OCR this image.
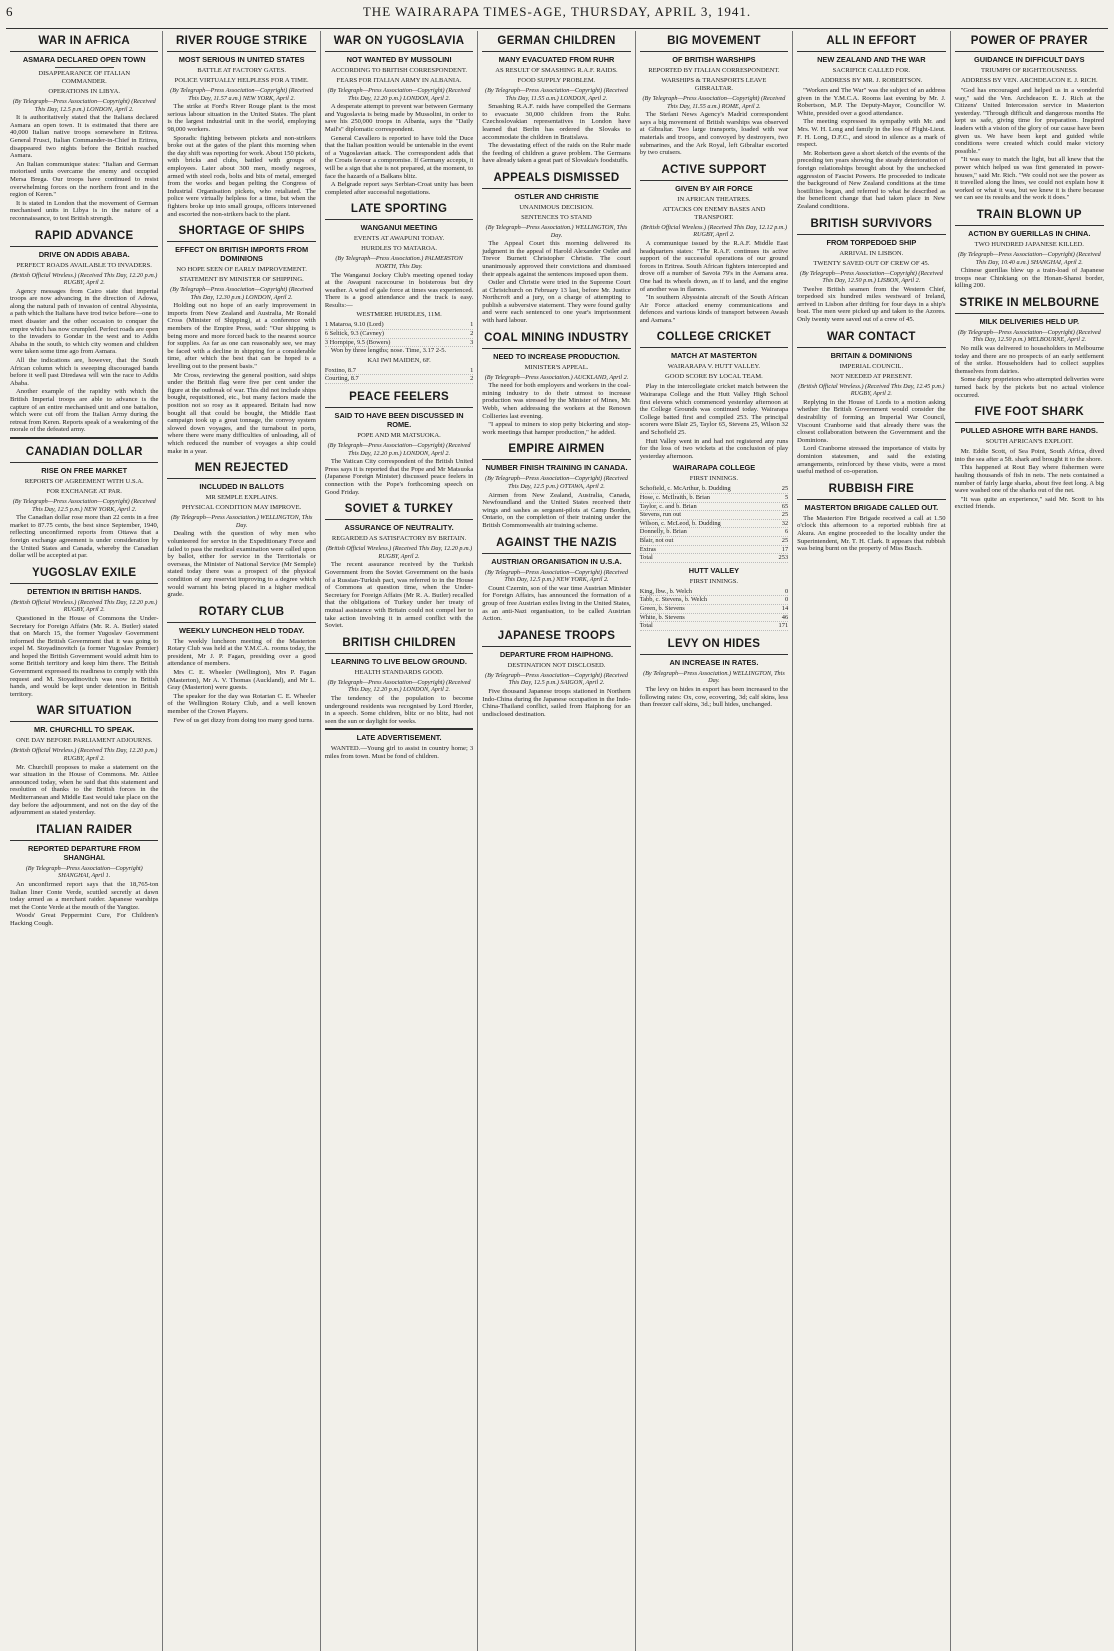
6	THE WAIRARAPA TIMES-AGE, THURSDAY, APRIL 3, 1941.
WAR IN AFRICA
ASMARA DECLARED OPEN TOWN
DISAPPEARANCE OF ITALIAN COMMANDER.
OPERATIONS IN LIBYA.
(By Telegraph—Press Association—Copyright) (Received This Day, 12.5 p.m.) LONDON, April 2.

It is authoritatively stated that the Italians declared Asmara an open town. It is estimated that there are 40,000 Italian native troops somewhere in Eritrea. General Frusci, Italian Commander-in-Chief in Eritrea, disappeared two nights before the British reached Asmara.

An Italian communique states: "Italian and German motorised units overcame the enemy and occupied Mersa Brega. Our troops have continued to resist overwhelming forces on the northern front and in the region of Keren."

It is stated in London that the movement of German mechanised units in Libya is in the nature of a reconnaissance, to test British strength.

RAPID ADVANCE
DRIVE ON ADDIS ABABA.
PERFECT ROADS AVAILABLE TO INVADERS.
(British Official Wireless.) (Received This Day, 12.20 p.m.) RUGBY, April 2.

Agency messages from Cairo state that imperial troops are now advancing in the direction of Adowa, along the natural path of invasion of central Abyssinia, a path which the Italians have trod twice before—one to meet disaster and the other occasion to conquer the empire which has now crumpled. Perfect roads are open to the invaders to Gondar in the west and to Addis Ababa in the south, to which city women and children were taken some time ago from Asmara.

All the indications are, however, that the South African column which is sweeping discouraged bands before it well past Diredawa will win the race to Addis Ababa.

Another example of the rapidity with which the British Imperial troops are able to advance is the capture of an entire mechanised unit and one battalion, which were cut off from the Italian Army during the retreat from Keren. Reports speak of a weakening of the morale of the defeated army.

CANADIAN DOLLAR
RISE ON FREE MARKET
REPORTS OF AGREEMENT WITH U.S.A.
FOR EXCHANGE AT PAR.
(By Telegraph—Press Association—Copyright) (Received This Day, 12.5 p.m.) NEW YORK, April 2.

The Canadian dollar rose more than 22 cents in a free market to 87.75 cents, the best since September, 1940, reflecting unconfirmed reports from Ottawa that a foreign exchange agreement is under consideration by the United States and Canada, whereby the Canadian dollar will be accepted at par.

YUGOSLAV EXILE
DETENTION IN BRITISH HANDS.
(British Official Wireless.) (Received This Day, 12.20 p.m.) RUGBY, April 2.

Questioned in the House of Commons the Under-Secretary for Foreign Affairs (Mr. R. A. Butler) stated that on March 15, the former Yugoslav Government informed the British Government that it was going to expel M. Stoyadinovitch (a former Yugoslav Premier) and hoped the British Government would admit him to some British territory and keep him there. The British Government expressed its readiness to comply with this request and M. Stoyadinovitch was now in British hands, and would be kept under detention in British territory.

WAR SITUATION
MR. CHURCHILL TO SPEAK.
ONE DAY BEFORE PARLIAMENT ADJOURNS.
(British Official Wireless.) (Received This Day, 12.20 p.m.) RUGBY, April 2.

Mr. Churchill proposes to make a statement on the war situation in the House of Commons. Mr. Attlee announced today, when he said that this statement and resolution of thanks to the British forces in the Mediterranean and Middle East would take place on the day before the adjournment, and not on the day of the adjournment as stated yesterday.

ITALIAN RAIDER
REPORTED DEPARTURE FROM SHANGHAI.
(By Telegraph—Press Association—Copyright) SHANGHAI, April 1.

An unconfirmed report says that the 18,765-ton Italian liner Conte Verde, scuttled secretly at dawn today armed as a merchant raider. Japanese warships met the Conte Verde at the mouth of the Yangtze.

Woods' Great Peppermint Cure, For Children's Hacking Cough.

RIVER ROUGE STRIKE
MOST SERIOUS IN UNITED STATES
BATTLE AT FACTORY GATES.
POLICE VIRTUALLY HELPLESS FOR A TIME.
(By Telegraph—Press Association—Copyright) (Received This Day, 11.57 a.m.) NEW YORK, April 2.

The strike at Ford's River Rouge plant is the most serious labour situation in the United States. The plant is the largest industrial unit in the world, employing 98,000 workers.

Sporadic fighting between pickets and non-strikers broke out at the gates of the plant this morning when the day shift was reporting for work. About 150 pickets, with bricks and clubs, battled with groups of employees. Later about 300 men, mostly negroes, armed with steel rods, bolts and bits of metal, emerged from the works and began pelting the Congress of Industrial Organisation pickets, who retaliated. The police were virtually helpless for a time, but when the fighters broke up into small groups, officers intervened and escorted the non-strikers back to the plant.

SHORTAGE OF SHIPS
EFFECT ON BRITISH IMPORTS FROM DOMINIONS
NO HOPE SEEN OF EARLY IMPROVEMENT.
STATEMENT BY MINISTER OF SHIPPING.
(By Telegraph—Press Association—Copyright) (Received This Day, 12.30 p.m.) LONDON, April 2.

Holding out no hope of an early improvement in imports from New Zealand and Australia, Mr Ronald Cross (Minister of Shipping), at a conference with members of the Empire Press, said: "Our shipping is being more and more forced back to the nearest source for supplies. As far as one can reasonably see, we may be faced with a decline in shipping for a considerable time, after which the best that can be hoped is a levelling out to the present basis."

Mr Cross, reviewing the general position, said ships under the British flag were five per cent under the figure at the outbreak of war. This did not include ships bought, requisitioned, etc., but many factors made the position not so rosy as it appeared. Britain had now bought all that could be bought, the Middle East campaign took up a great tonnage, the convoy system slowed down voyages, and the turnabout in ports, where there were many difficulties of unloading, all of which reduced the number of voyages a ship could make in a year.

MEN REJECTED
INCLUDED IN BALLOTS
MR SEMPLE EXPLAINS.
PHYSICAL CONDITION MAY IMPROVE.
(By Telegraph—Press Association.) WELLINGTON, This Day.

Dealing with the question of why men who volunteered for service in the Expeditionary Force and failed to pass the medical examination were called upon by ballot, either for service in the Territorials or overseas, the Minister of National Service (Mr Semple) stated today there was a prospect of the physical condition of any reservist improving to a degree which would warrant his being placed in a higher medical grade.

ROTARY CLUB
WEEKLY LUNCHEON HELD TODAY.

The weekly luncheon meeting of the Masterton Rotary Club was held at the Y.M.C.A. rooms today, the president, Mr J. P. Fagan, presiding over a good attendance of members.

Mrs C. E. Wheeler (Wellington), Mrs P. Fagan (Masterton), Mr A. V. Thomas (Auckland), and Mr L. Gray (Masterton) were guests.

The speaker for the day was Rotarian C. E. Wheeler of the Wellington Rotary Club, and a well known member of the Crown Players.

Few of us get dizzy from doing too many good turns.

WAR ON YUGOSLAVIA
NOT WANTED BY MUSSOLINI
ACCORDING TO BRITISH CORRESPONDENT.
FEARS FOR ITALIAN ARMY IN ALBANIA.
(By Telegraph—Press Association—Copyright) (Received This Day, 12.20 p.m.) LONDON, April 2.

A desperate attempt to prevent war between Germany and Yugoslavia is being made by Mussolini, in order to save his 250,000 troops in Albania, says the "Daily Mail's" diplomatic correspondent.

General Cavallero is reported to have told the Duce that the Italian position would be untenable in the event of a Yugoslavian attack. The correspondent adds that the Croats favour a compromise. If Germany accepts, it will be a sign that she is not prepared, at the moment, to face the hazards of a Balkans blitz.

A Belgrade report says Serbian-Croat unity has been completed after successful negotiations.

LATE SPORTING
WANGANUI MEETING
EVENTS AT AWAPUNI TODAY.
HURDLES TO MATAROA.
(By Telegraph—Press Association.) PALMERSTON NORTH, This Day.

The Wanganui Jockey Club's meeting opened today at the Awapuni racecourse in boisterous but dry weather. A wind of gale force at times was experienced. There is a good attendance and the track is easy. Results:—

WESTMERE HURDLES, 11M.
1 Mataroa, 9.10 (Lord)	1
6 Seltick, 9.3 (Cavney)	2
3 Hornpipe, 9.5 (Bowers)	3

Won by three lengths; nose. Time, 3.17 2-5.

KAI IWI MAIDEN, 6F.
Foxtino, 8.7	1
Courting, 8.7	2
PEACE FEELERS
SAID TO HAVE BEEN DISCUSSED IN ROME.
POPE AND MR MATSUOKA.
(By Telegraph—Press Association—Copyright) (Received This Day, 12.20 p.m.) LONDON, April 2.

The Vatican City correspondent of the British United Press says it is reported that the Pope and Mr Matsuoka (Japanese Foreign Minister) discussed peace feelers in connection with the Pope's forthcoming speech on Good Friday.

SOVIET & TURKEY
ASSURANCE OF NEUTRALITY.
REGARDED AS SATISFACTORY BY BRITAIN.
(British Official Wireless.) (Received This Day, 12.20 p.m.) RUGBY, April 2.

The recent assurance received by the Turkish Government from the Soviet Government on the basis of a Russian-Turkish pact, was referred to in the House of Commons at question time, when the Under-Secretary for Foreign Affairs (Mr R. A. Butler) recalled that the obligations of Turkey under her treaty of mutual assistance with Britain could not compel her to take action involving it in armed conflict with the Soviet.

BRITISH CHILDREN
LEARNING TO LIVE BELOW GROUND.
HEALTH STANDARDS GOOD.
(By Telegraph—Press Association—Copyright) (Received This Day, 12.20 p.m.) LONDON, April 2.

The tendency of the population to become underground residents was recognised by Lord Horder, in a speech. Some children, blitz or no blitz, had not seen the sun or daylight for weeks.

LATE ADVERTISEMENT.

WANTED.—Young girl to assist in country home; 3 miles from town. Must be fond of children.

GERMAN CHILDREN
MANY EVACUATED FROM RUHR
AS RESULT OF SMASHING R.A.F. RAIDS.
FOOD SUPPLY PROBLEM.
(By Telegraph—Press Association—Copyright) (Received This Day, 11.55 a.m.) LONDON, April 2.

Smashing R.A.F. raids have compelled the Germans to evacuate 30,000 children from the Ruhr. Czechoslovakian representatives in London have learned that Berlin has ordered the Slovaks to accommodate the children in Bratislava.

The devastating effect of the raids on the Ruhr made the feeding of children a grave problem. The Germans have already taken a great part of Slovakia's foodstuffs.

APPEALS DISMISSED
OSTLER AND CHRISTIE
UNANIMOUS DECISION.
SENTENCES TO STAND
(By Telegraph—Press Association.) WELLINGTON, This Day.

The Appeal Court this morning delivered its judgment in the appeal of Harold Alexander Ostler and Trevor Burnett Christopher Christie. The court unanimously approved their convictions and dismissed their appeals against the sentences imposed upon them.

Ostler and Christie were tried in the Supreme Court at Christchurch on February 13 last, before Mr. Justice Northcroft and a jury, on a charge of attempting to publish a subversive statement. They were found guilty and were each sentenced to one year's imprisonment with hard labour.

COAL MINING INDUSTRY
NEED TO INCREASE PRODUCTION.
MINISTER'S APPEAL.
(By Telegraph—Press Association.) AUCKLAND, April 2.

The need for both employers and workers in the coal-mining industry to do their utmost to increase production was stressed by the Minister of Mines, Mr. Webb, when addressing the workers at the Renown Collieries last evening.

"I appeal to miners to stop petty bickering and stop-work meetings that hamper production," he added.

EMPIRE AIRMEN
NUMBER FINISH TRAINING IN CANADA.
(By Telegraph—Press Association—Copyright) (Received This Day, 12.5 p.m.) OTTAWA, April 2.

Airmen from New Zealand, Australia, Canada, Newfoundland and the United States received their wings and sashes as sergeant-pilots at Camp Borden, Ontario, on the completion of their training under the British Commonwealth air training scheme.

AGAINST THE NAZIS
AUSTRIAN ORGANISATION IN U.S.A.
(By Telegraph—Press Association—Copyright) (Received This Day, 12.5 p.m.) NEW YORK, April 2.

Count Czernin, son of the war time Austrian Minister for Foreign Affairs, has announced the formation of a group of free Austrian exiles living in the United States, as an anti-Nazi organisation, to be called Austrian Action.

JAPANESE TROOPS
DEPARTURE FROM HAIPHONG.
DESTINATION NOT DISCLOSED.
(By Telegraph—Press Association—Copyright) (Received This Day, 12.5 p.m.) SAIGON, April 2.

Five thousand Japanese troops stationed in Northern Indo-China during the Japanese occupation in the Indo-China-Thailand conflict, sailed from Haiphong for an undisclosed destination.

BIG MOVEMENT
OF BRITISH WARSHIPS
REPORTED BY ITALIAN CORRESPONDENT.
WARSHIPS & TRANSPORTS LEAVE GIBRALTAR.
(By Telegraph—Press Association—Copyright) (Received This Day, 11.55 a.m.) ROME, April 2.

The Stefani News Agency's Madrid correspondent says a big movement of British warships was observed at Gibraltar. Two large transports, loaded with war materials and troops, and convoyed by destroyers, two submarines, and the Ark Royal, left Gibraltar escorted by two cruisers.

ACTIVE SUPPORT
GIVEN BY AIR FORCE
IN AFRICAN THEATRES.
ATTACKS ON ENEMY BASES AND TRANSPORT.
(British Official Wireless.) (Received This Day, 12.12 p.m.) RUGBY, April 2.

A communique issued by the R.A.F. Middle East headquarters states: "The R.A.F. continues its active support of the successful operations of our ground forces in Eritrea. South African fighters intercepted and drove off a number of Savoia 79's in the Asmara area. One had its wheels down, as if to land, and the engine of another was in flames.

"In southern Abyssinia aircraft of the South African Air Force attacked enemy communications and defences and various kinds of transport between Awash and Asmara."

COLLEGE CRICKET
MATCH AT MASTERTON
WAIRARAPA V. HUTT VALLEY.
GOOD SCORE BY LOCAL TEAM.

Play in the intercollegiate cricket match between the Wairarapa College and the Hutt Valley High School first elevens which commenced yesterday afternoon at the College Grounds was continued today. Wairarapa College batted first and compiled 253. The principal scorers were Blair 25, Taylor 65, Stevens 25, Wilson 32 and Schofield 25.

Hutt Valley went in and had not registered any runs for the loss of two wickets at the conclusion of play yesterday afternoon.

WAIRARAPA COLLEGE
FIRST INNINGS.
Schofield, c. McArthur, b. Dudding	25
Hose, c. McIlraith, b. Brian	5
Taylor, c. and b. Brian	65
Stevens, run out	25
Wilson, c. McLeod, b. Dudding	32
Donnelly, b. Brian	6
Blair, not out	25
Extras	17
Total	253
HUTT VALLEY
FIRST INNINGS.
King, lbw., b. Welch	0
Tabb, c. Stevens, b. Welch	0
Green, b. Stevens	14
White, b. Stevens	46
Total	171
LEVY ON HIDES
AN INCREASE IN RATES.
(By Telegraph—Press Association.) WELLINGTON, This Day.

The levy on hides in export has been increased to the following rates: Ox, cow, ecovering, 3d; calf skins, less than freezer calf skins, 3d.; bull hides, unchanged.

ALL IN EFFORT
NEW ZEALAND AND THE WAR
SACRIFICE CALLED FOR.
ADDRESS BY MR. J. ROBERTSON.

"Workers and The War" was the subject of an address given in the Y.M.C.A. Rooms last evening by Mr. J. Robertson, M.P. The Deputy-Mayor, Councillor W. White, presided over a good attendance.

The meeting expressed its sympathy with Mr. and Mrs. W. H. Long and family in the loss of Flight-Lieut. F. H. Long, D.F.C., and stood in silence as a mark of respect.

Mr. Robertson gave a short sketch of the events of the preceding ten years showing the steady deterioration of foreign relationships brought about by the unchecked aggression of Fascist Powers. He proceeded to indicate the background of New Zealand conditions at the time hostilities began, and referred to what he described as the beneficent change that had taken place in New Zealand conditions.

BRITISH SURVIVORS
FROM TORPEDOED SHIP
ARRIVAL IN LISBON.
TWENTY SAVED OUT OF CREW OF 45.
(By Telegraph—Press Association—Copyright) (Received This Day, 12.50 p.m.) LISBON, April 2.

Twelve British seamen from the Western Chief, torpedoed six hundred miles westward of Ireland, arrived in Lisbon after drifting for four days in a ship's boat. The men were picked up and taken to the Azores. Only twenty were saved out of a crew of 45.

WAR CONTACT
BRITAIN & DOMINIONS
IMPERIAL COUNCIL.
NOT NEEDED AT PRESENT.
(British Official Wireless.) (Received This Day, 12.45 p.m.) RUGBY, April 2.

Replying in the House of Lords to a motion asking whether the British Government would consider the desirability of forming an Imperial War Council, Viscount Cranborne said that already there was the closest collaboration between the Government and the Dominions.

Lord Cranborne stressed the importance of visits by dominion statesmen, and said the existing arrangements, reinforced by these visits, were a most useful method of co-operation.

RUBBISH FIRE
MASTERTON BRIGADE CALLED OUT.

The Masterton Fire Brigade received a call at 1.50 o'clock this afternoon to a reported rubbish fire at Akura. An engine proceeded to the locality under the Superintendent, Mr. T. H. Clark. It appears that rubbish was being burnt on the property of Miss Busch.

POWER OF PRAYER
GUIDANCE IN DIFFICULT DAYS
TRIUMPH OF RIGHTEOUSNESS.
ADDRESS BY VEN. ARCHDEACON E. J. RICH.

"God has encouraged and helped us in a wonderful way," said the Ven. Archdeacon E. J. Rich at the Citizens' United Intercession service in Masterton yesterday. "Through difficult and dangerous months He kept us safe, giving time for preparation. Inspired leaders with a vision of the glory of our cause have been given us. We have been kept and guided while conditions were created which could make victory possible."

"It was easy to match the light, but all knew that the power which helped us was first generated in power-houses," said Mr. Rich. "We could not see the power as it travelled along the lines, we could not explain how it worked or what it was, but we knew it is there because we can see its results and the work it does."

TRAIN BLOWN UP
ACTION BY GUERILLAS IN CHINA.
TWO HUNDRED JAPANESE KILLED.
(By Telegraph—Press Association—Copyright) (Received This Day, 10.40 a.m.) SHANGHAI, April 2.

Chinese guerillas blew up a train-load of Japanese troops near Chinkiang on the Honan-Shansi border, killing 200.

STRIKE IN MELBOURNE
MILK DELIVERIES HELD UP.
(By Telegraph—Press Association—Copyright) (Received This Day, 12.50 p.m.) MELBOURNE, April 2.

No milk was delivered to householders in Melbourne today and there are no prospects of an early settlement of the strike. Householders had to collect supplies themselves from dairies.

Some dairy proprietors who attempted deliveries were turned back by the pickets but no actual violence occurred.

FIVE FOOT SHARK
PULLED ASHORE WITH BARE HANDS.
SOUTH AFRICAN'S EXPLOIT.

Mr. Eddie Scott, of Sea Point, South Africa, dived into the sea after a 5ft. shark and brought it to the shore.

This happened at Rout Bay where fishermen were hauling thousands of fish in nets. The nets contained a number of fairly large sharks, about five feet long. A big wave washed one of the sharks out of the net.

"It was quite an experience," said Mr. Scott to his excited friends.
